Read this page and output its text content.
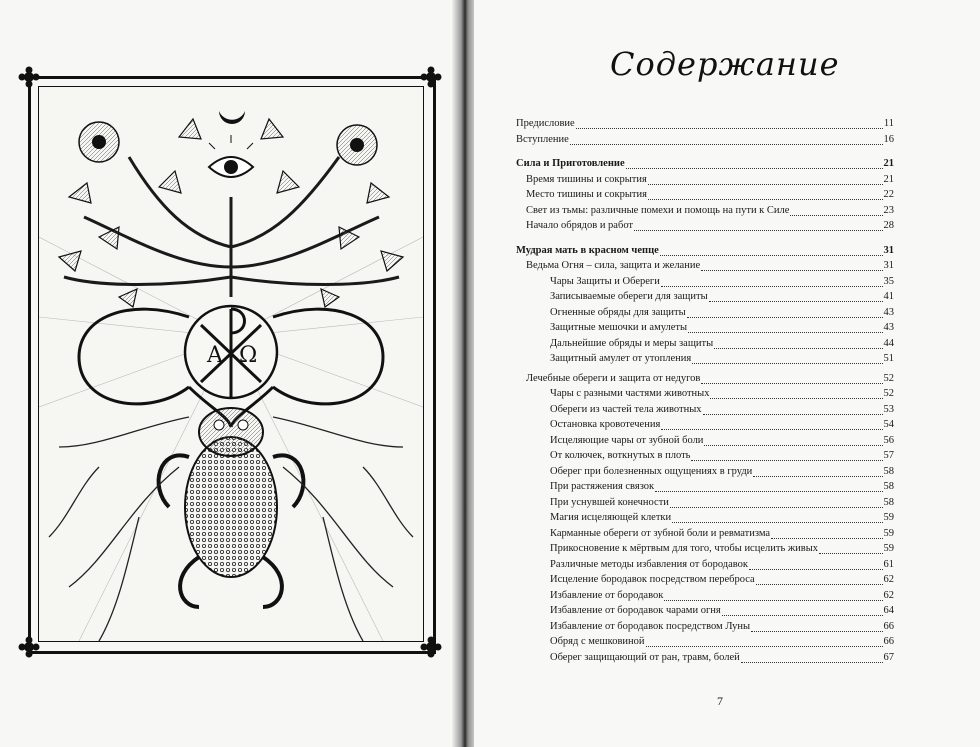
A Ω
Содержание
Предисловие	11
Вступление	16
Сила и Приготовление	21
Время тишины и сокрытия	21
Место тишины и сокрытия	22
Свет из тьмы: различные помехи и помощь на пути к Силе	23
Начало обрядов и работ	28
Мудрая мать в красном чепце	31
Ведьма Огня – сила, защита и желание	31
Чары Защиты и Обереги	35
Записываемые обереги для защиты	41
Огненные обряды для защиты	43
Защитные мешочки и амулеты	43
Дальнейшие обряды и меры защиты	44
Защитный амулет от утопления	51
Лечебные обереги и защита от недугов	52
Чары с разными частями животных	52
Обереги из частей тела животных	53
Остановка кровотечения	54
Исцеляющие чары от зубной боли	56
От колючек, воткнутых в плоть	57
Оберег при болезненных ощущениях в груди	58
При растяжения связок	58
При уснувшей конечности	58
Магия исцеляющей клетки	59
Карманные обереги от зубной боли и ревматизма	59
Прикосновение к мёртвым для того, чтобы исцелить живых	59
Различные методы избавления от бородавок	61
Исцеление бородавок посредством переброса	62
Избавление от бородавок	62
Избавление от бородавок чарами огня	64
Избавление от бородавок посредством Луны	66
Обряд с мешковиной	66
Оберег защищающий от ран, травм, болей	67
7
